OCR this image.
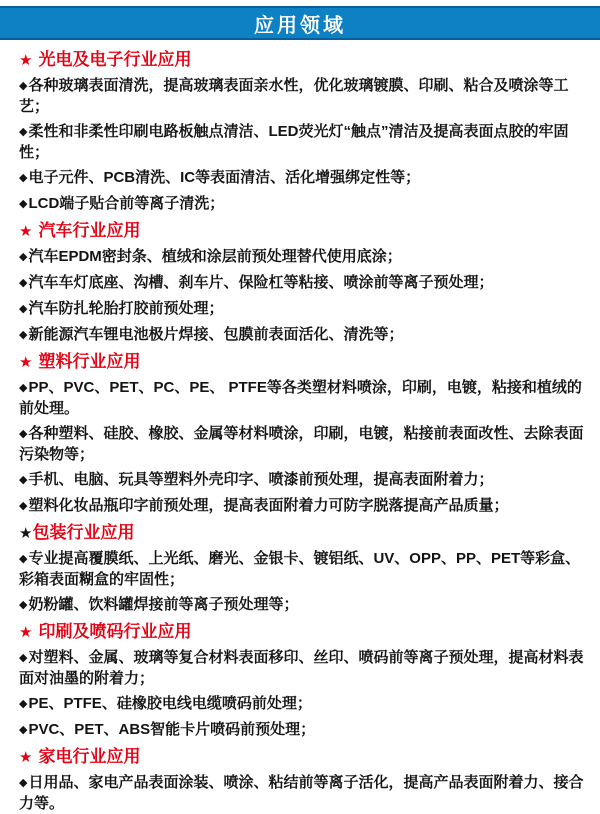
应用领域

★ 光电及电子行业应用

◆各种玻璃表面清洗，提高玻璃表面亲水性，优化玻璃镀膜、印刷、粘合及喷涂等工艺；

◆柔性和非柔性印刷电路板触点清洁、LED荧光灯“触点”清洁及提高表面点胶的牢固性；

◆电子元件、PCB清洗、IC等表面清洁、活化增强绑定性等；

◆LCD端子贴合前等离子清洗；

★ 汽车行业应用

◆汽车EPDM密封条、植绒和涂层前预处理替代使用底涂；

◆汽车车灯底座、沟槽、刹车片、保险杠等粘接、喷涂前等离子预处理；

◆汽车防扎轮胎打胶前预处理；

◆新能源汽车锂电池极片焊接、包膜前表面活化、清洗等；

★ 塑料行业应用

◆PP、PVC、PET、PC、PE、 PTFE等各类塑材料喷涂，印刷，电镀，粘接和植绒的前处理。

◆各种塑料、硅胶、橡胶、金属等材料喷涂，印刷，电镀，粘接前表面改性、去除表面污染物等；

◆手机、电脑、玩具等塑料外壳印字、喷漆前预处理，提高表面附着力；

◆塑料化妆品瓶印字前预处理，提高表面附着力可防字脱落提高产品质量；

★包装行业应用

◆专业提高覆膜纸、上光纸、磨光、金银卡、镀铝纸、UV、OPP、PP、PET等彩盒、彩箱表面糊盒的牢固性；

◆奶粉罐、饮料罐焊接前等离子预处理等；

★ 印刷及喷码行业应用

◆对塑料、金属、玻璃等复合材料表面移印、丝印、喷码前等离子预处理，提高材料表面对油墨的附着力；

◆PE、PTFE、硅橡胶电线电缆喷码前处理；

◆PVC、PET、ABS智能卡片喷码前预处理；

★ 家电行业应用

◆日用品、家电产品表面涂装、喷涂、粘结前等离子活化，提高产品表面附着力、接合力等。
